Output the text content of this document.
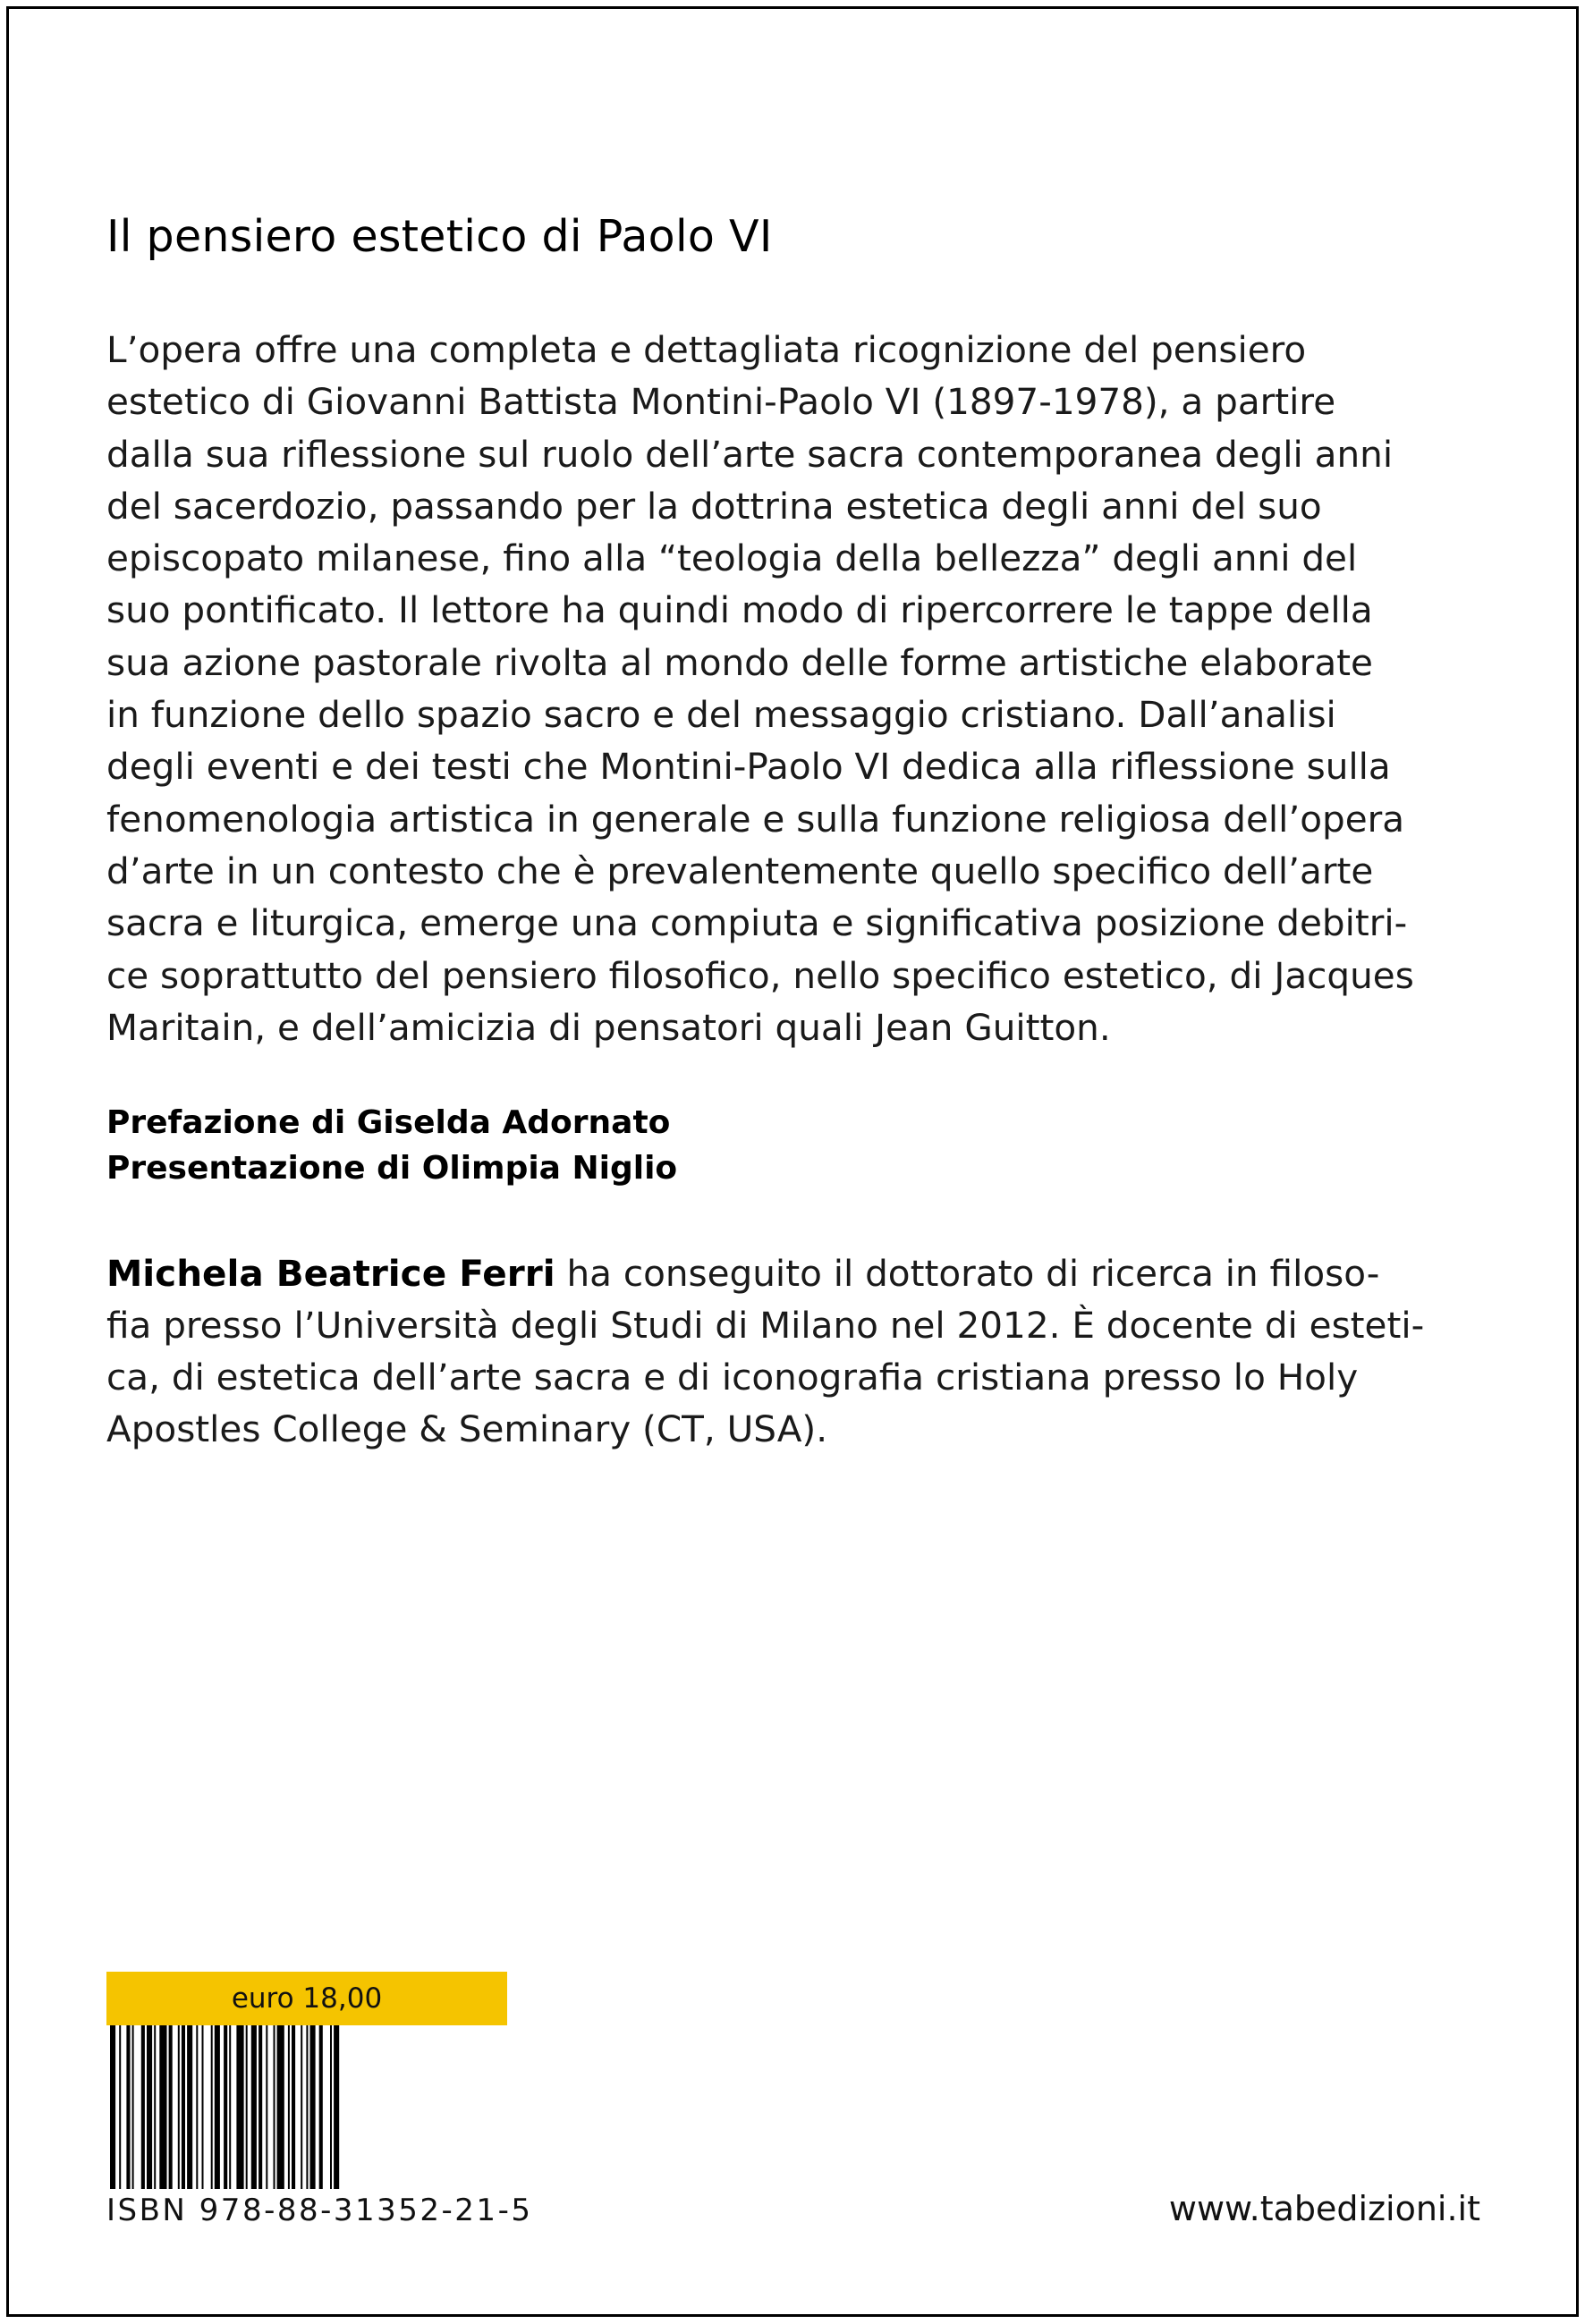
Il pensiero estetico di Paolo VI
L’opera offre una completa e dettagliata ricognizione del pensiero
estetico di Giovanni Battista Montini-Paolo VI (1897-1978), a partire
dalla sua riflessione sul ruolo dell’arte sacra contemporanea degli anni
del sacerdozio, passando per la dottrina estetica degli anni del suo
episcopato milanese, fino alla “teologia della bellezza” degli anni del
suo pontificato. Il lettore ha quindi modo di ripercorrere le tappe della
sua azione pastorale rivolta al mondo delle forme artistiche elaborate
in funzione dello spazio sacro e del messaggio cristiano. Dall’analisi
degli eventi e dei testi che Montini-Paolo VI dedica alla riflessione sulla
fenomenologia artistica in generale e sulla funzione religiosa dell’opera
d’arte in un contesto che è prevalentemente quello specifico dell’arte
sacra e liturgica, emerge una compiuta e significativa posizione debitri-
ce soprattutto del pensiero filosofico, nello specifico estetico, di Jacques
Maritain, e dell’amicizia di pensatori quali Jean Guitton.
Prefazione di Giselda Adornato
Presentazione di Olimpia Niglio
Michela Beatrice Ferri ha conseguito il dottorato di ricerca in filoso-
fia presso l’Università degli Studi di Milano nel 2012. È docente di esteti-
ca, di estetica dell’arte sacra e di iconografia cristiana presso lo Holy
Apostles College & Seminary (CT, USA).
euro 18,00
ISBN 978-88-31352-21-5	www.tabedizioni.it
